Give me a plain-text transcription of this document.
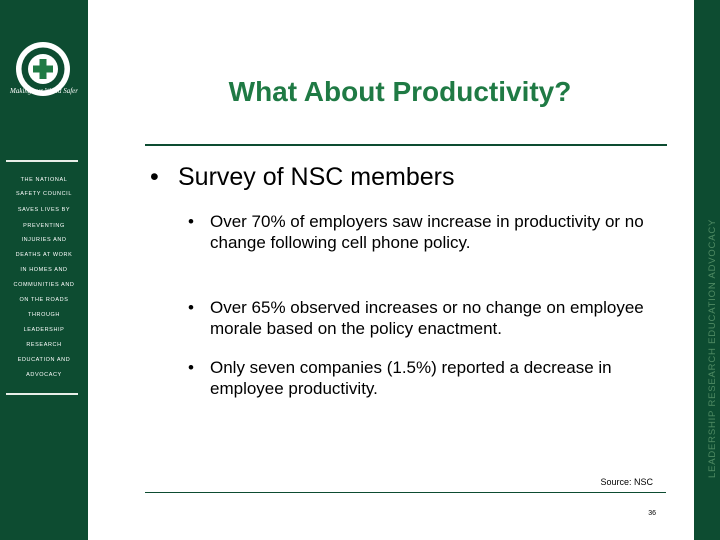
Making our World Safer
THE NATIONAL
SAFETY COUNCIL
SAVES LIVES BY
PREVENTING
INJURIES AND
DEATHS AT WORK
IN HOMES AND
COMMUNITIES AND
ON THE ROADS
THROUGH
LEADERSHIP
RESEARCH
EDUCATION AND
ADVOCACY	LEADERSHIP RESEARCH EDUCATION ADVOCACY
What About Productivity?
• Survey of NSC members
• Over 70% of employers saw increase in productivity or no change following cell phone policy.
• Over 65% observed increases or no change on employee morale based on the policy enactment.
• Only seven companies (1.5%) reported a decrease in employee productivity.
Source: NSC
36
